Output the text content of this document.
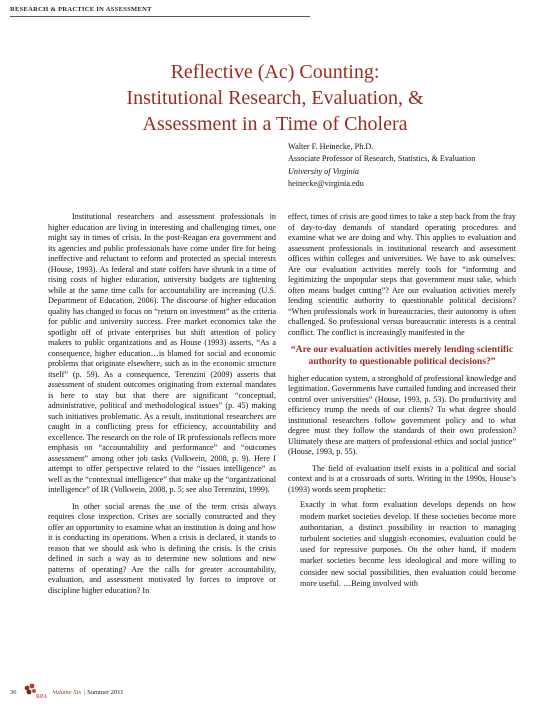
RESEARCH & PRACTICE IN ASSESSMENT
Reflective (Ac) Counting:
Institutional Research, Evaluation, &
Assessment in a Time of Cholera
Walter F. Heinecke, Ph.D.
Associate Professor of Research, Statistics, & Evaluation
University of Virginia
heinecke@virginia.edu

Institutional researchers and assessment professionals in higher education are living in interesting and challenging times, one might say in times of crisis. In the post-Reagan era government and its agencies and public professionals have come under fire for being ineffective and reluctant to reform and protected as special interests (House, 1993). As federal and state coffers have shrunk in a time of rising costs of higher education, university budgets are tightening while at the same time calls for accountability are increasing (U.S. Department of Education, 2006). The discourse of higher education quality has changed to focus on “return on investment” as the criteria for public and university success. Free market economics take the spotlight off of private enterprises but shift attention of policy makers to public organizations and as House (1993) asserts, “As a consequence, higher education…is blamed for social and economic problems that originate elsewhere, such as in the economic structure itself” (p. 59). As a consequence, Terenzini (2009) asserts that assessment of student outcomes originating from external mandates is here to stay but that there are significant “conceptual, administrative, political and methodological issues” (p. 45) making such initiatives problematic. As a result, institutional researchers are caught in a conflicting press for efficiency, accountability and excellence. The research on the role of IR professionals reflects more emphasis on “accountability and performance” and “outcomes assessment” among other job tasks (Volkwein, 2008, p. 9). Here I attempt to offer perspective related to the “issues intelligence” as well as the “contextual intelligence” that make up the “organizational intelligence” of IR (Volkwein, 2008, p. 5; see also Terenzini, 1999).

In other social arenas the use of the term crisis always requires close inspection. Crises are socially constructed and they offer an opportunity to examine what an institution is doing and how it is conducting its operations. When a crisis is declared, it stands to reason that we should ask who is defining the crisis. Is the crisis defined in such a way as to determine new solutions and new patterns of operating? Are the calls for greater accountability, evaluation, and assessment motivated by forces to improve or discipline higher education? In

effect, times of crisis are good times to take a step back from the fray of day-to-day demands of standard operating procedures and examine what we are doing and why. This applies to evaluation and assessment professionals in institutional research and assessment offices within colleges and universities. We have to ask ourselves: Are our evaluation activities merely tools for “informing and legitimizing the unpopular steps that government must take, which often means budget cutting”? Are our evaluation activities merely lending scientific authority to questionable political decisions? “When professionals work in bureaucracies, their autonomy is often challenged. So professional versus bureaucratic interests is a central conflict. The conflict is increasingly manifested in the

“Are our evaluation activities merely lending scientific authority to questionable political decisions?”

higher education system, a stronghold of professional knowledge and legitimation. Governments have curtailed funding and increased their control over universities” (House, 1993, p. 53). Do productivity and efficiency trump the needs of our clients? To what degree should institutional researchers follow government policy and to what degree must they follow the standards of their own profession? Ultimately these are matters of professional ethics and social justice” (House, 1993, p. 55).

The field of evaluation itself exists in a political and social context and is at a crossroads of sorts. Writing in the 1990s, House’s (1993) words seem prophetic:

Exactly in what form evaluation develops depends on how modern market societies develop. If these societies become more authoritarian, a distinct possibility in reaction to managing turbulent societies and sluggish economies, evaluation could be used for repressive purposes. On the other hand, if modern market societies become less ideological and more willing to consider new social possibilities, then evaluation could become more useful. …Being involved with
36
RPA
Volume Six | Summer 2011
